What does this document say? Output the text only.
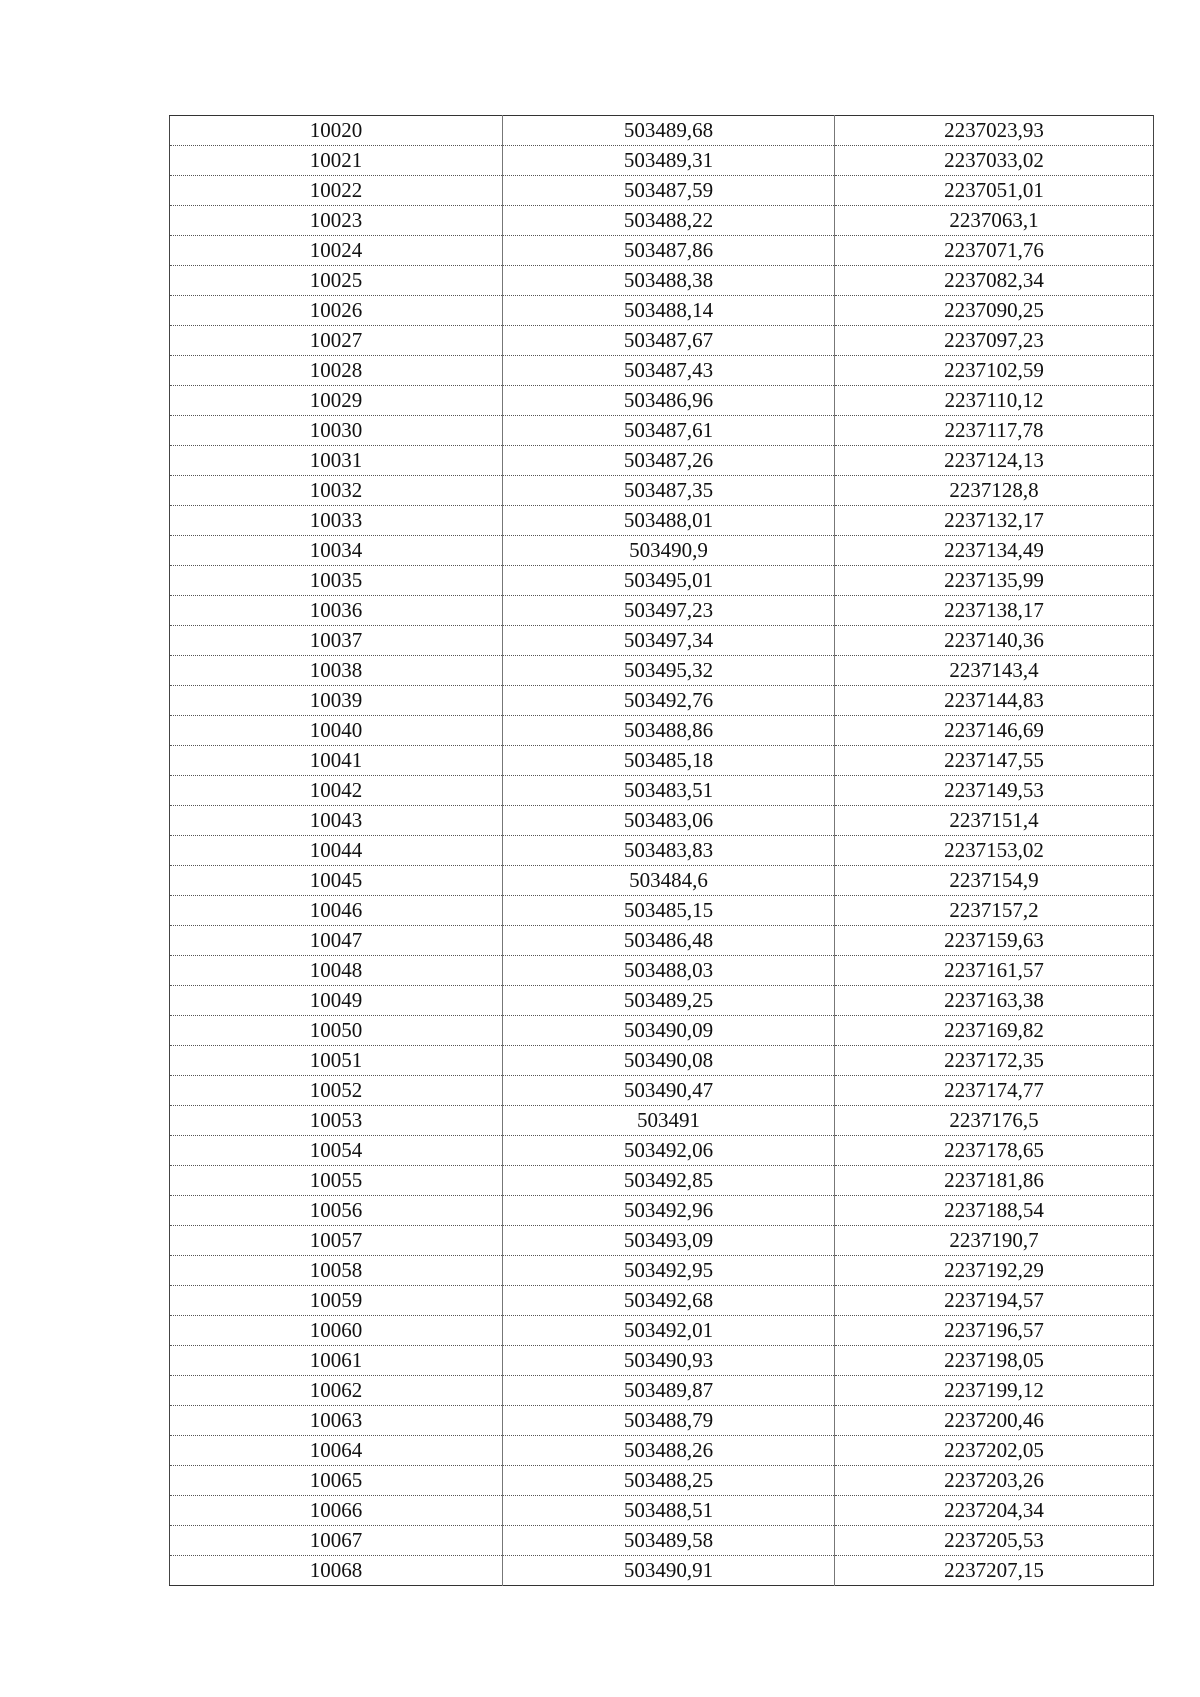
10020	503489,68	2237023,93
10021	503489,31	2237033,02
10022	503487,59	2237051,01
10023	503488,22	2237063,1
10024	503487,86	2237071,76
10025	503488,38	2237082,34
10026	503488,14	2237090,25
10027	503487,67	2237097,23
10028	503487,43	2237102,59
10029	503486,96	2237110,12
10030	503487,61	2237117,78
10031	503487,26	2237124,13
10032	503487,35	2237128,8
10033	503488,01	2237132,17
10034	503490,9	2237134,49
10035	503495,01	2237135,99
10036	503497,23	2237138,17
10037	503497,34	2237140,36
10038	503495,32	2237143,4
10039	503492,76	2237144,83
10040	503488,86	2237146,69
10041	503485,18	2237147,55
10042	503483,51	2237149,53
10043	503483,06	2237151,4
10044	503483,83	2237153,02
10045	503484,6	2237154,9
10046	503485,15	2237157,2
10047	503486,48	2237159,63
10048	503488,03	2237161,57
10049	503489,25	2237163,38
10050	503490,09	2237169,82
10051	503490,08	2237172,35
10052	503490,47	2237174,77
10053	503491	2237176,5
10054	503492,06	2237178,65
10055	503492,85	2237181,86
10056	503492,96	2237188,54
10057	503493,09	2237190,7
10058	503492,95	2237192,29
10059	503492,68	2237194,57
10060	503492,01	2237196,57
10061	503490,93	2237198,05
10062	503489,87	2237199,12
10063	503488,79	2237200,46
10064	503488,26	2237202,05
10065	503488,25	2237203,26
10066	503488,51	2237204,34
10067	503489,58	2237205,53
10068	503490,91	2237207,15
